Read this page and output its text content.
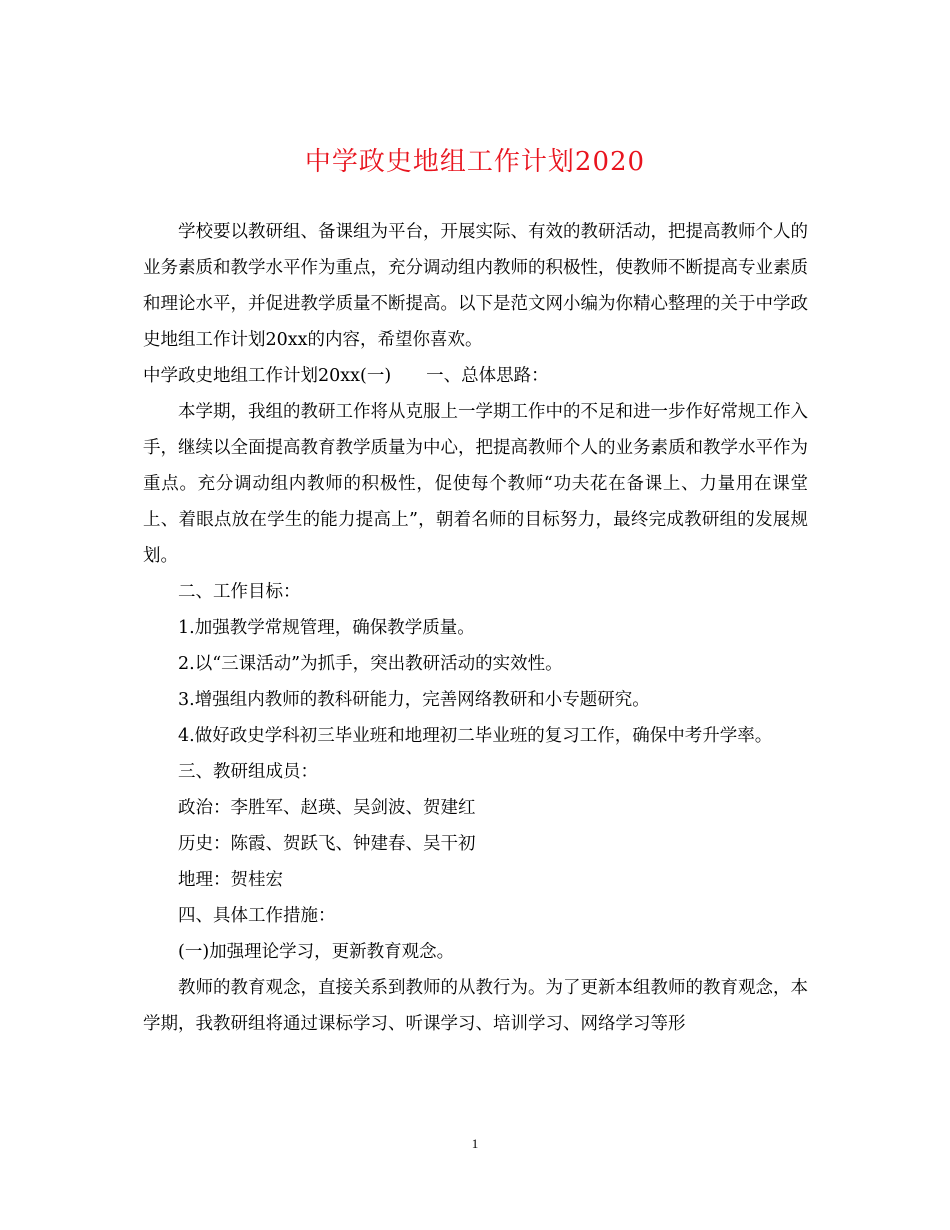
中学政史地组工作计划2020

学校要以教研组、备课组为平台，开展实际、有效的教研活动，把提高教师个人的业务素质和教学水平作为重点，充分调动组内教师的积极性，使教师不断提高专业素质和理论水平，并促进教学质量不断提高。以下是范文网小编为你精心整理的关于中学政史地组工作计划20xx的内容，希望你喜欢。

中学政史地组工作计划20xx(一)　　一、总体思路：

本学期，我组的教研工作将从克服上一学期工作中的不足和进一步作好常规工作入手，继续以全面提高教育教学质量为中心，把提高教师个人的业务素质和教学水平作为重点。充分调动组内教师的积极性，促使每个教师“功夫花在备课上、力量用在课堂上、着眼点放在学生的能力提高上”，朝着名师的目标努力，最终完成教研组的发展规划。

二、工作目标：

1.加强教学常规管理，确保教学质量。

2.以“三课活动”为抓手，突出教研活动的实效性。

3.增强组内教师的教科研能力，完善网络教研和小专题研究。

4.做好政史学科初三毕业班和地理初二毕业班的复习工作，确保中考升学率。

三、教研组成员：

政治：李胜军、赵瑛、吴剑波、贺建红

历史：陈霞、贺跃飞、钟建春、吴干初

地理：贺桂宏

四、具体工作措施：

(一)加强理论学习，更新教育观念。

教师的教育观念，直接关系到教师的从教行为。为了更新本组教师的教育观念，本学期，我教研组将通过课标学习、听课学习、培训学习、网络学习等形

1
